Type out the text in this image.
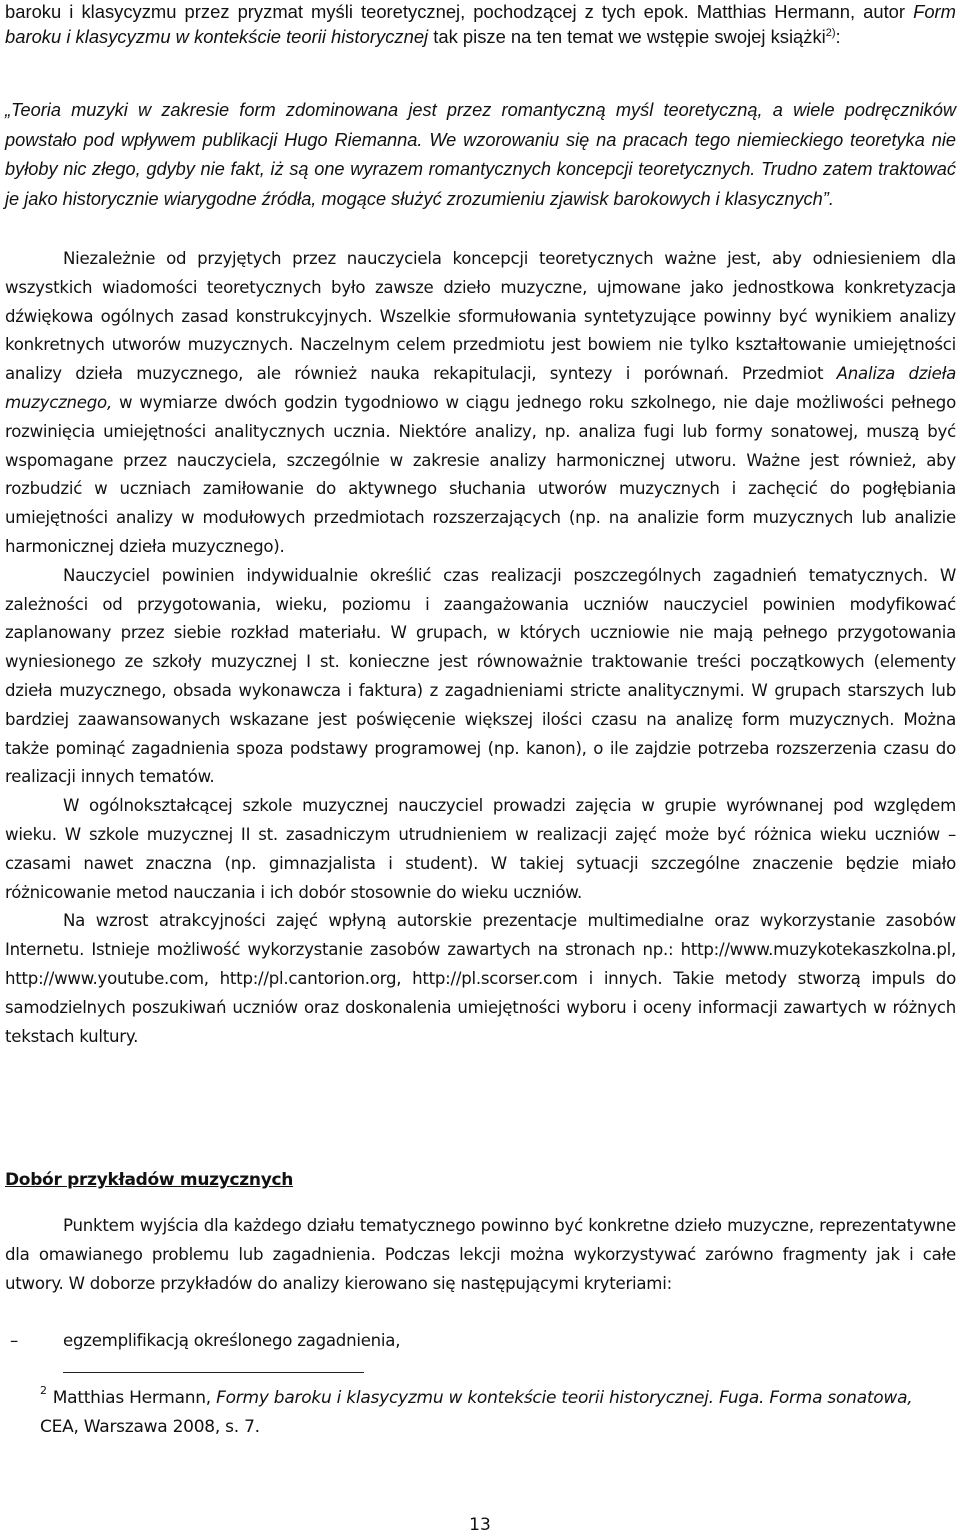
baroku i klasycyzmu przez pryzmat myśli teoretycznej, pochodzącej z tych epok. Matthias Hermann, autor Form baroku i klasycyzmu w kontekście teorii historycznej tak pisze na ten temat we wstępie swojej książki$^{2)}$:

„Teoria muzyki w zakresie form zdominowana jest przez romantyczną myśl teoretyczną, a wiele podręczników powstało pod wpływem publikacji Hugo Riemanna. We wzorowaniu się na pracach tego niemieckiego teoretyka nie byłoby nic złego, gdyby nie fakt, iż są one wyrazem romantycznych koncepcji teoretycznych. Trudno zatem traktować je jako historycznie wiarygodne źródła, mogące służyć zrozumieniu zjawisk barokowych i klasycznych”.

Niezależnie od przyjętych przez nauczyciela koncepcji teoretycznych ważne jest, aby odniesieniem dla wszystkich wiadomości teoretycznych było zawsze dzieło muzyczne, ujmowane jako jednostkowa konkretyzacja dźwiękowa ogólnych zasad konstrukcyjnych. Wszelkie sformułowania syntetyzujące powinny być wynikiem analizy konkretnych utworów muzycznych. Naczelnym celem przedmiotu jest bowiem nie tylko kształtowanie umiejętności analizy dzieła muzycznego, ale również nauka rekapitulacji, syntezy i porównań. Przedmiot Analiza dzieła muzycznego, w wymiarze dwóch godzin tygodniowo w ciągu jednego roku szkolnego, nie daje możliwości pełnego rozwinięcia umiejętności analitycznych ucznia. Niektóre analizy, np. analiza fugi lub formy sonatowej, muszą być wspomagane przez nauczyciela, szczególnie w zakresie analizy harmonicznej utworu. Ważne jest również, aby rozbudzić w uczniach zamiłowanie do aktywnego słuchania utworów muzycznych i zachęcić do pogłębiania umiejętności analizy w modułowych przedmiotach rozszerzających (np. na analizie form muzycznych lub analizie harmonicznej dzieła muzycznego).

Nauczyciel powinien indywidualnie określić czas realizacji poszczególnych zagadnień tematycznych. W zależności od przygotowania, wieku, poziomu i zaangażowania uczniów nauczyciel powinien modyfikować zaplanowany przez siebie rozkład materiału. W grupach, w których uczniowie nie mają pełnego przygotowania wyniesionego ze szkoły muzycznej I st. konieczne jest równoważnie traktowanie treści początkowych (elementy dzieła muzycznego, obsada wykonawcza i faktura) z zagadnieniami stricte analitycznymi. W grupach starszych lub bardziej zaawansowanych wskazane jest poświęcenie większej ilości czasu na analizę form muzycznych. Można także pominąć zagadnienia spoza podstawy programowej (np. kanon), o ile zajdzie potrzeba rozszerzenia czasu do realizacji innych tematów.

W ogólnokształcącej szkole muzycznej nauczyciel prowadzi zajęcia w grupie wyrównanej pod względem wieku. W szkole muzycznej II st. zasadniczym utrudnieniem w realizacji zajęć może być różnica wieku uczniów – czasami nawet znaczna (np. gimnazjalista i student). W takiej sytuacji szczególne znaczenie będzie miało różnicowanie metod nauczania i ich dobór stosownie do wieku uczniów.

Na wzrost atrakcyjności zajęć wpłyną autorskie prezentacje multimedialne oraz wykorzystanie zasobów Internetu. Istnieje możliwość wykorzystanie zasobów zawartych na stronach np.: http://www.muzykotekaszkolna.pl, http://www.youtube.com, http://pl.cantorion.org, http://pl.scorser.com i innych. Takie metody stworzą impuls do samodzielnych poszukiwań uczniów oraz doskonalenia umiejętności wyboru i oceny informacji zawartych w różnych tekstach kultury.

Dobór przykładów muzycznych

Punktem wyjścia dla każdego działu tematycznego powinno być konkretne dzieło muzyczne, reprezentatywne dla omawianego problemu lub zagadnienia. Podczas lekcji można wykorzystywać zarówno fragmenty jak i całe utwory. W doborze przykładów do analizy kierowano się następującymi kryteriami:

–	egzemplifikacją określonego zagadnienia,

$^2$ Matthias Hermann, Formy baroku i klasycyzmu w kontekście teorii historycznej. Fuga. Forma sonatowa, CEA, Warszawa 2008, s. 7.

13
